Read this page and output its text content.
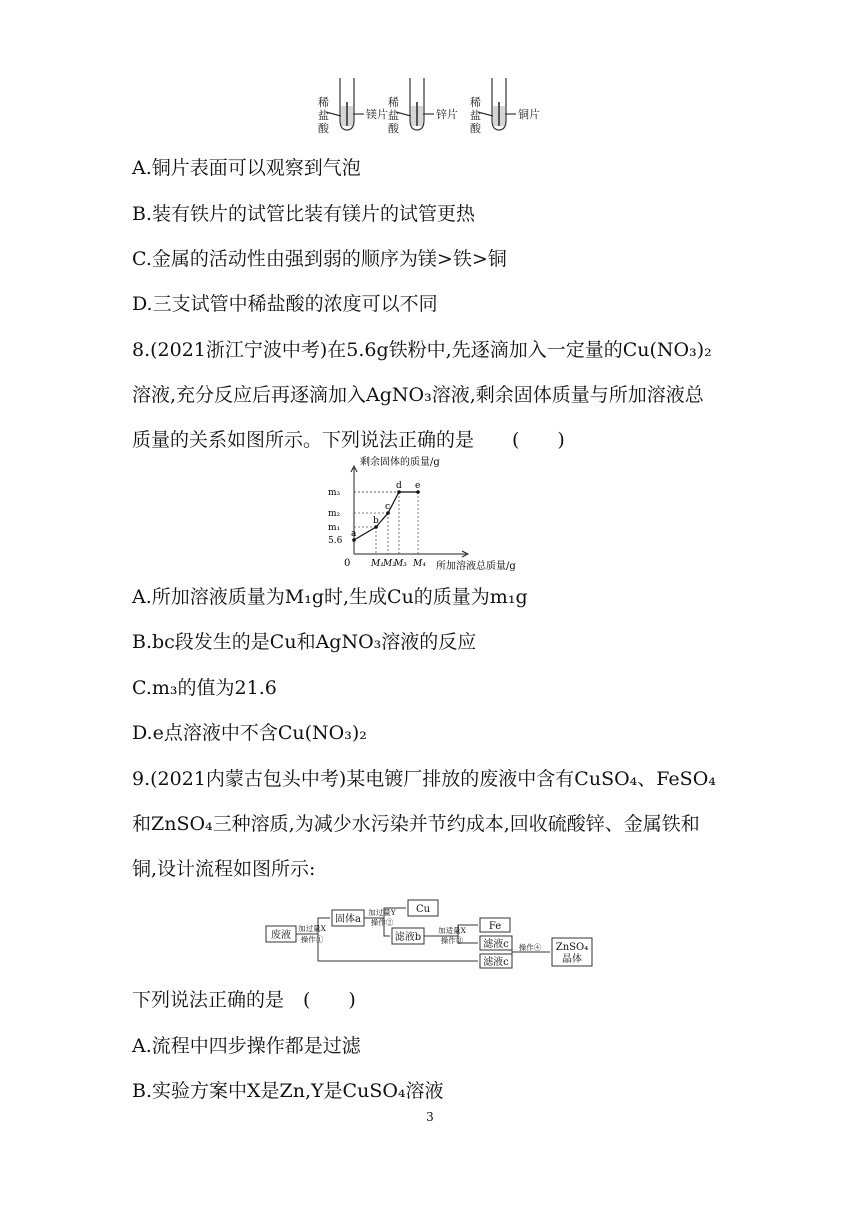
稀
盐
酸
稀
盐
酸
稀
盐
酸
镁片	锌片	铜片
A.铜片表面可以观察到气泡
B.装有铁片的试管比装有镁片的试管更热
C.金属的活动性由强到弱的顺序为镁>铁>铜
D.三支试管中稀盐酸的浓度可以不同
8.(2021浙江宁波中考)在5.6g铁粉中,先逐滴加入一定量的Cu(NO₃)₂
溶液,充分反应后再逐滴加入AgNO₃溶液,剩余固体质量与所加溶液总
质量的关系如图所示。下列说法正确的是　　(　　)
剩余固体的质量/g
所加溶液总质量/g
0
5.6
m₁
m₂
m₃
M₁ M₂
M₃ M₄
a
b
c
d e
A.所加溶液质量为M₁g时,生成Cu的质量为m₁g
B.bc段发生的是Cu和AgNO₃溶液的反应
C.m₃的值为21.6
D.e点溶液中不含Cu(NO₃)₂
9.(2021内蒙古包头中考)某电镀厂排放的废液中含有CuSO₄、FeSO₄
和ZnSO₄三种溶质,为减少水污染并节约成本,回收硫酸锌、金属铁和
铜,设计流程如图所示:
废液
固体a
Cu
滤液b
Fe
滤液c
滤液c
ZnSO₄
晶体
加过量X
操作①
加过量Y
操作②
加适量X
操作③
操作④
下列说法正确的是　(　　)
A.流程中四步操作都是过滤
B.实验方案中X是Zn,Y是CuSO₄溶液
3
